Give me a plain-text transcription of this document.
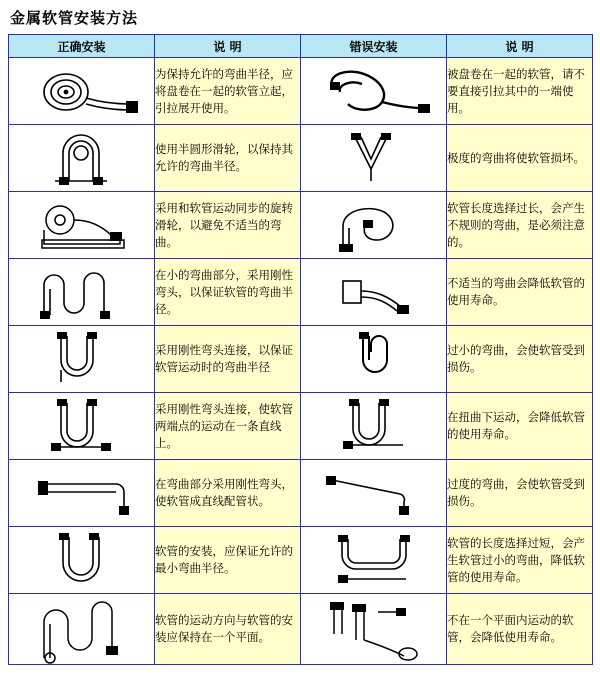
金属软管安装方法
正确安装	说 明	错误安装	说 明

	为保持允许的弯曲半径，应将盘卷在一起的软管立起，引拉展开使用。		被盘卷在一起的软管，请不要直接引拉其中的一端使用。

	使用半圆形滑轮，以保持其允许的弯曲半径。		极度的弯曲将使软管损坏。

	采用和软管运动同步的旋转滑轮，以避免不适当的弯曲。		软管长度选择过长，会产生不规则的弯曲，是必须注意的。

	在小的弯曲部分，采用刚性弯头，以保证软管的弯曲半径。		不适当的弯曲会降低软管的使用寿命。

	采用刚性弯头连接，以保证软管运动时的弯曲半径		过小的弯曲，会使软管受到损伤。

	采用刚性弯头连接，使软管两端点的运动在一条直线上。		在扭曲下运动，会降低软管的使用寿命。

	在弯曲部分采用刚性弯头，使软管成直线配管状。		过度的弯曲，会使软管受到损伤。

	软管的安装，应保证允许的最小弯曲半径。		软管的长度选择过短，会产生软管过小的弯曲，降低软管的使用寿命。

	软管的运动方向与软管的安装应保持在一个平面。		不在一个平面内运动的软管，会降低使用寿命。
